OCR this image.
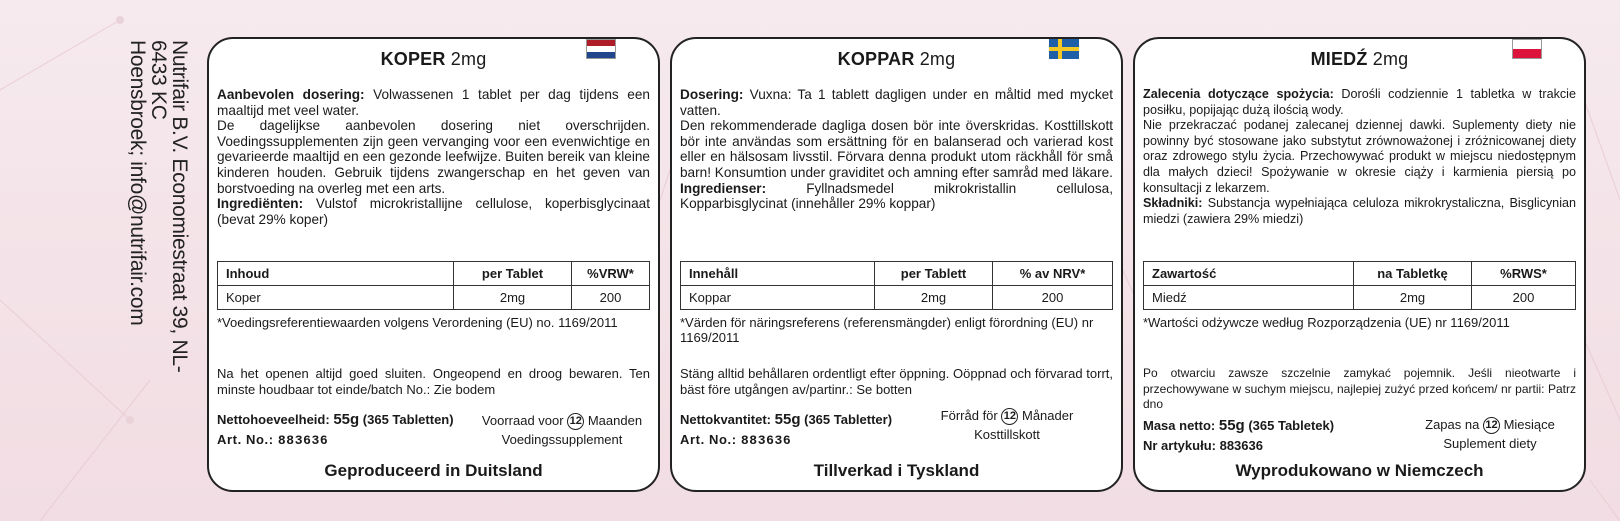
Nutrifair B.V. Economiestraat 39, NL-6433 KC
Hoensbroek; info@nutrifair.com	KOPER 2mg
Aanbevolen dosering: Volwassenen 1 tablet per dag tijdens een maaltijd met veel water.
De dagelijkse aanbevolen dosering niet overschrijden. Voedingssupplementen zijn geen vervanging voor een evenwichtige en gevarieerde maaltijd en een gezonde leefwijze. Buiten bereik van kleine kinderen houden. Gebruik tijdens zwangerschap en het geven van borstvoeding na overleg met een arts.
Ingrediënten: Vulstof microkristallijne cellulose, koperbisglycinaat (bevat 29% koper)
Inhoud	per Tablet	%VRW*
Koper	2mg	200
*Voedingsreferentiewaarden volgens Verordening (EU) no. 1169/2011
Na het openen altijd goed sluiten. Ongeopend en droog bewaren. Ten minste houdbaar tot einde/batch No.: Zie bodem
Nettohoeveelheid: 55g (365 Tabletten)
Art. No.: 883636
Voorraad voor 12 Maanden
Voedingssupplement
Geproduceerd in Duitsland
KOPPAR 2mg
Dosering: Vuxna: Ta 1 tablett dagligen under en måltid med mycket vatten.
Den rekommenderade dagliga dosen bör inte överskridas. Kosttillskott bör inte användas som ersättning för en balanserad och varierad kost eller en hälsosam livsstil. Förvara denna produkt utom räckhåll för små barn! Konsumtion under graviditet och amning efter samråd med läkare.
Ingredienser: Fyllnadsmedel mikrokristallin cellulosa, Kopparbisglycinat (innehåller 29% koppar)
Innehåll	per Tablett	% av NRV*
Koppar	2mg	200
*Värden för näringsreferens (referensmängder) enligt förordning (EU) nr 1169/2011
Stäng alltid behållaren ordentligt efter öppning. Oöppnad och förvarad torrt, bäst före utgången av/partinr.: Se botten
Nettokvantitet: 55g (365 Tabletter)
Art. No.: 883636
Förråd för 12 Månader
Kosttillskott
Tillverkad i Tyskland
MIEDŹ 2mg
Zalecenia dotyczące spożycia: Dorośli codziennie 1 tabletka w trakcie posiłku, popijając dużą ilością wody.
Nie przekraczać podanej zalecanej dziennej dawki. Suplementy diety nie powinny być stosowane jako substytut zrównoważonej i zróżnicowanej diety oraz zdrowego stylu życia. Przechowywać produkt w miejscu niedostępnym dla małych dzieci! Spożywanie w okresie ciąży i karmienia piersią po konsultacji z lekarzem.
Składniki: Substancja wypełniająca celuloza mikrokrystaliczna, Bisglicynian miedzi (zawiera 29% miedzi)
Zawartość	na Tabletkę	%RWS*
Miedź	2mg	200
*Wartości odżywcze według Rozporządzenia (UE) nr 1169/2011
Po otwarciu zawsze szczelnie zamykać pojemnik. Jeśli nieotwarte i przechowywane w suchym miejscu, najlepiej zużyć przed końcem/ nr partii: Patrz dno
Masa netto: 55g (365 Tabletek)
Nr artykułu: 883636
Zapas na 12 Miesiące
Suplement diety
Wyprodukowano w Niemczech
